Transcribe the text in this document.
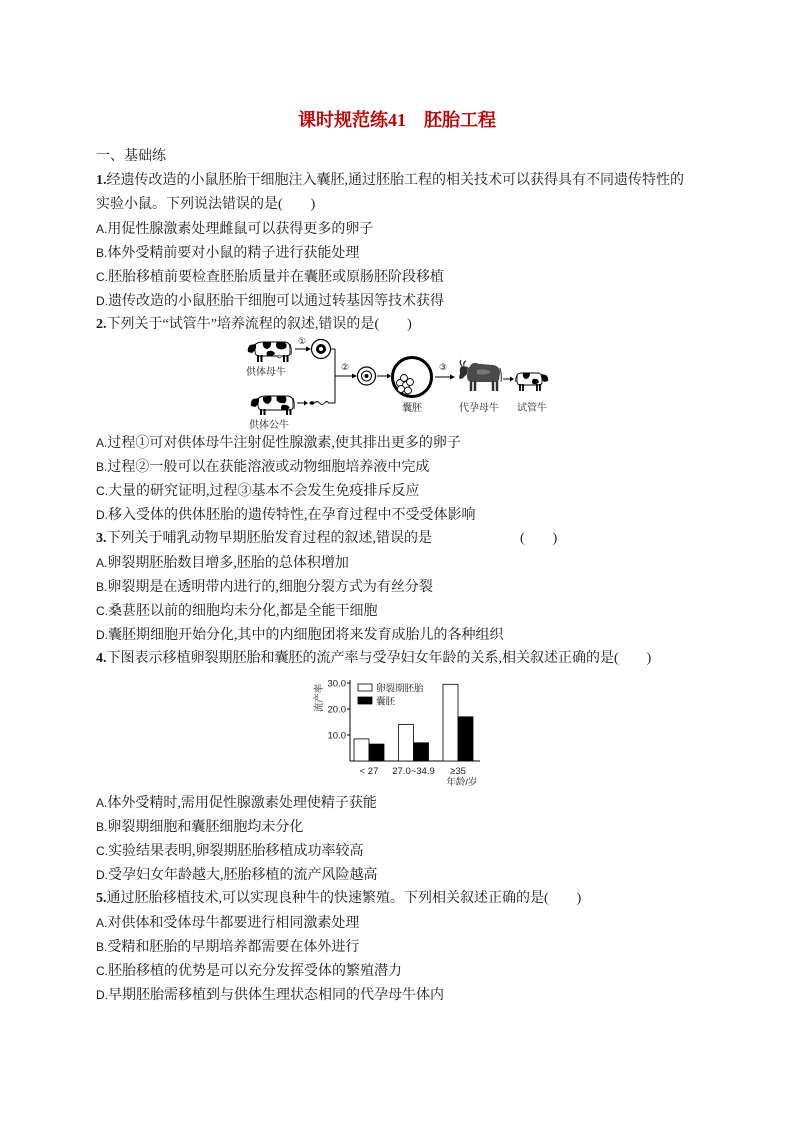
课时规范练41　胚胎工程
一、基础练
1.经遗传改造的小鼠胚胎干细胞注入囊胚,通过胚胎工程的相关技术可以获得具有不同遗传特性的
实验小鼠。下列说法错误的是(　　)
A.用促性腺激素处理雌鼠可以获得更多的卵子
B.体外受精前要对小鼠的精子进行获能处理
C.胚胎移植前要检查胚胎质量并在囊胚或原肠胚阶段移植
D.遗传改造的小鼠胚胎干细胞可以通过转基因等技术获得
2.下列关于“试管牛”培养流程的叙述,错误的是(　　)
供体母牛
①
供体公牛
②
囊胚
③
代孕母牛 试管牛
A.过程①可对供体母牛注射促性腺激素,使其排出更多的卵子
B.过程②一般可以在获能溶液或动物细胞培养液中完成
C.大量的研究证明,过程③基本不会发生免疫排斥反应
D.移入受体的供体胚胎的遗传特性,在孕育过程中不受受体影响
3.下列关于哺乳动物早期胚胎发育过程的叙述,错误的是	(　　)
A.卵裂期胚胎数目增多,胚胎的总体积增加
B.卵裂期是在透明带内进行的,细胞分裂方式为有丝分裂
C.桑葚胚以前的细胞均未分化,都是全能干细胞
D.囊胚期细胞开始分化,其中的内细胞团将来发育成胎儿的各种组织
4.下图表示移植卵裂期胚胎和囊胚的流产率与受孕妇女年龄的关系,相关叙述正确的是(　　)
流产率
10.0
20.0
30.0
< 27 27.0~34.9 ≥35
卵裂期胚胎
囊胚
年龄/岁
A.体外受精时,需用促性腺激素处理使精子获能
B.卵裂期细胞和囊胚细胞均未分化
C.实验结果表明,卵裂期胚胎移植成功率较高
D.受孕妇女年龄越大,胚胎移植的流产风险越高
5.通过胚胎移植技术,可以实现良种牛的快速繁殖。下列相关叙述正确的是(　　)
A.对供体和受体母牛都要进行相同激素处理
B.受精和胚胎的早期培养都需要在体外进行
C.胚胎移植的优势是可以充分发挥受体的繁殖潜力
D.早期胚胎需移植到与供体生理状态相同的代孕母牛体内
